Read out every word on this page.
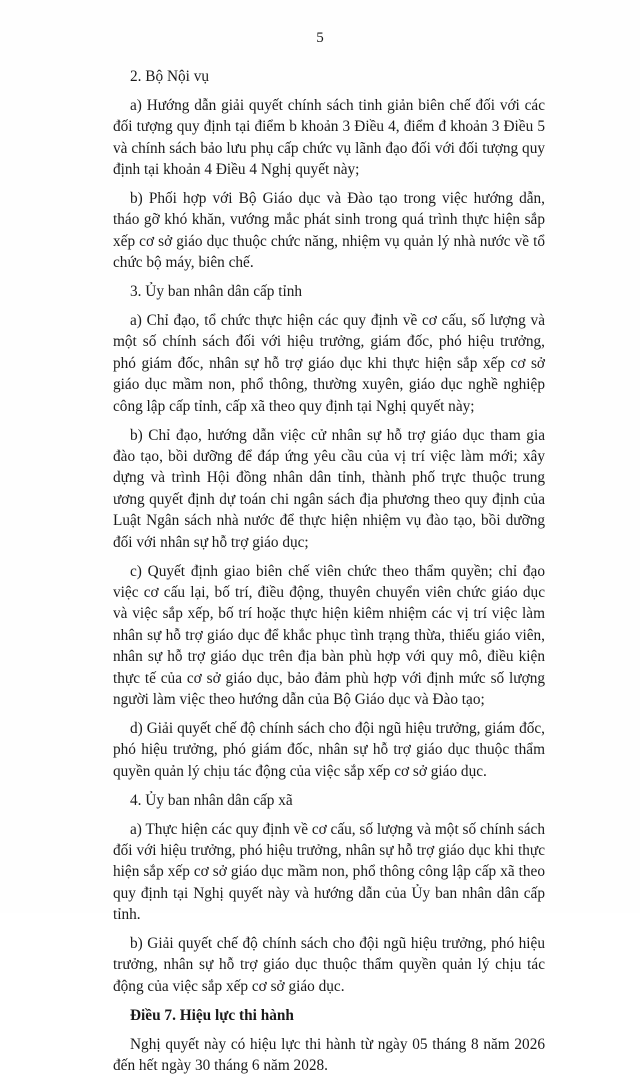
5

2. Bộ Nội vụ

a) Hướng dẫn giải quyết chính sách tinh giản biên chế đối với các đối tượng quy định tại điểm b khoản 3 Điều 4, điểm đ khoản 3 Điều 5 và chính sách bảo lưu phụ cấp chức vụ lãnh đạo đối với đối tượng quy định tại khoản 4 Điều 4 Nghị quyết này;

b) Phối hợp với Bộ Giáo dục và Đào tạo trong việc hướng dẫn, tháo gỡ khó khăn, vướng mắc phát sinh trong quá trình thực hiện sắp xếp cơ sở giáo dục thuộc chức năng, nhiệm vụ quản lý nhà nước về tổ chức bộ máy, biên chế.

3. Ủy ban nhân dân cấp tỉnh

a) Chỉ đạo, tổ chức thực hiện các quy định về cơ cấu, số lượng và một số chính sách đối với hiệu trưởng, giám đốc, phó hiệu trưởng, phó giám đốc, nhân sự hỗ trợ giáo dục khi thực hiện sắp xếp cơ sở giáo dục mầm non, phổ thông, thường xuyên, giáo dục nghề nghiệp công lập cấp tỉnh, cấp xã theo quy định tại Nghị quyết này;

b) Chỉ đạo, hướng dẫn việc cử nhân sự hỗ trợ giáo dục tham gia đào tạo, bồi dưỡng để đáp ứng yêu cầu của vị trí việc làm mới; xây dựng và trình Hội đồng nhân dân tỉnh, thành phố trực thuộc trung ương quyết định dự toán chi ngân sách địa phương theo quy định của Luật Ngân sách nhà nước để thực hiện nhiệm vụ đào tạo, bồi dưỡng đối với nhân sự hỗ trợ giáo dục;

c) Quyết định giao biên chế viên chức theo thẩm quyền; chỉ đạo việc cơ cấu lại, bố trí, điều động, thuyên chuyển viên chức giáo dục và việc sắp xếp, bố trí hoặc thực hiện kiêm nhiệm các vị trí việc làm nhân sự hỗ trợ giáo dục để khắc phục tình trạng thừa, thiếu giáo viên, nhân sự hỗ trợ giáo dục trên địa bàn phù hợp với quy mô, điều kiện thực tế của cơ sở giáo dục, bảo đảm phù hợp với định mức số lượng người làm việc theo hướng dẫn của Bộ Giáo dục và Đào tạo;

d) Giải quyết chế độ chính sách cho đội ngũ hiệu trưởng, giám đốc, phó hiệu trưởng, phó giám đốc, nhân sự hỗ trợ giáo dục thuộc thẩm quyền quản lý chịu tác động của việc sắp xếp cơ sở giáo dục.

4. Ủy ban nhân dân cấp xã

a) Thực hiện các quy định về cơ cấu, số lượng và một số chính sách đối với hiệu trưởng, phó hiệu trưởng, nhân sự hỗ trợ giáo dục khi thực hiện sắp xếp cơ sở giáo dục mầm non, phổ thông công lập cấp xã theo quy định tại Nghị quyết này và hướng dẫn của Ủy ban nhân dân cấp tỉnh.

b) Giải quyết chế độ chính sách cho đội ngũ hiệu trưởng, phó hiệu trưởng, nhân sự hỗ trợ giáo dục thuộc thẩm quyền quản lý chịu tác động của việc sắp xếp cơ sở giáo dục.

Điều 7. Hiệu lực thi hành

Nghị quyết này có hiệu lực thi hành từ ngày 05 tháng 8 năm 2026 đến hết ngày 30 tháng 6 năm 2028.
